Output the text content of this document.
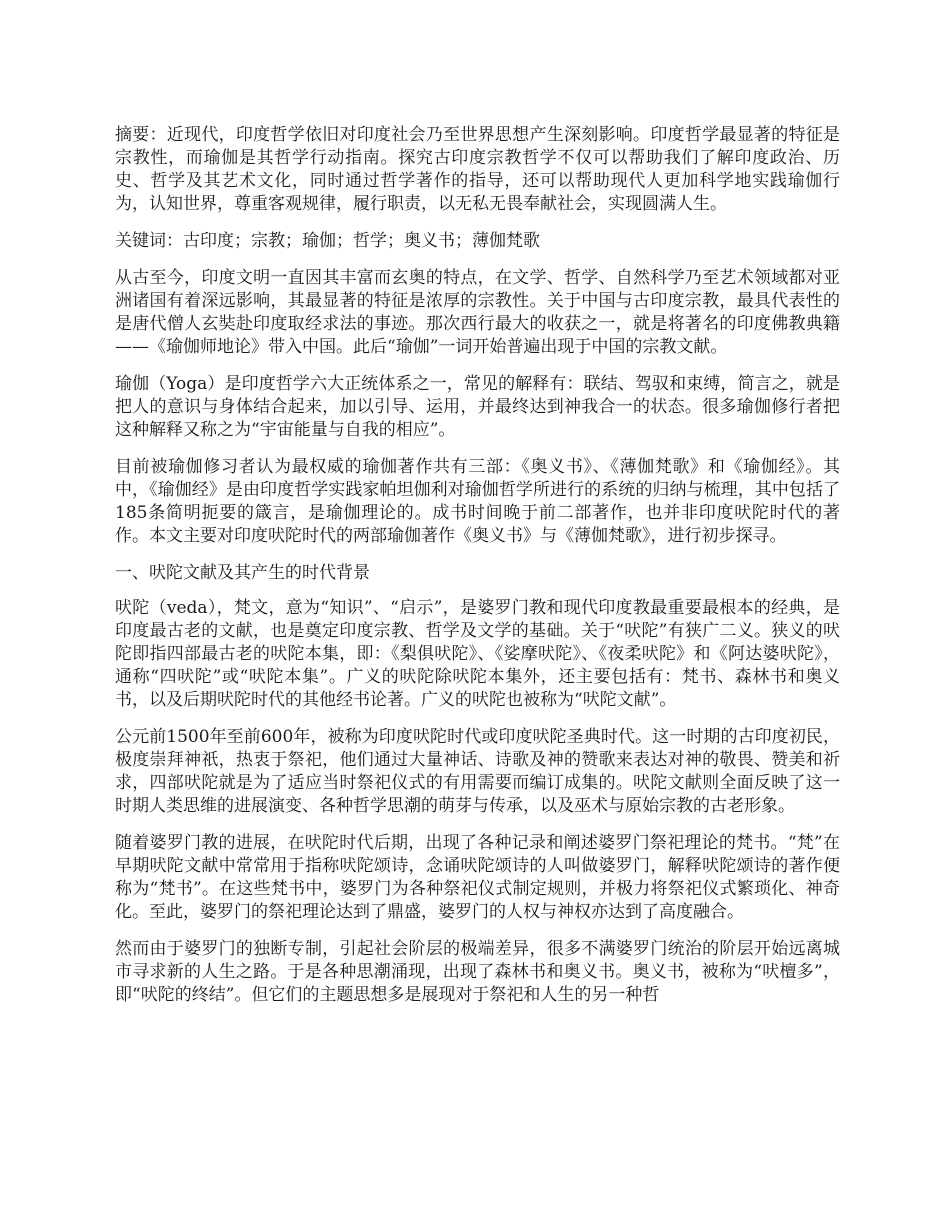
摘要：近现代，印度哲学依旧对印度社会乃至世界思想产生深刻影响。印度哲学最显著的特征是宗教性，而瑜伽是其哲学行动指南。探究古印度宗教哲学不仅可以帮助我们了解印度政治、历史、哲学及其艺术文化，同时通过哲学著作的指导，还可以帮助现代人更加科学地实践瑜伽行为，认知世界，尊重客观规律，履行职责，以无私无畏奉献社会，实现圆满人生。

关键词：古印度；宗教；瑜伽；哲学；奥义书；薄伽梵歌

从古至今，印度文明一直因其丰富而玄奥的特点，在文学、哲学、自然科学乃至艺术领域都对亚洲诸国有着深远影响，其最显著的特征是浓厚的宗教性。关于中国与古印度宗教，最具代表性的是唐代僧人玄奘赴印度取经求法的事迹。那次西行最大的收获之一，就是将著名的印度佛教典籍——《瑜伽师地论》带入中国。此后“瑜伽”一词开始普遍出现于中国的宗教文献。

瑜伽（Yoga）是印度哲学六大正统体系之一，常见的解释有：联结、驾驭和束缚，简言之，就是把人的意识与身体结合起来，加以引导、运用，并最终达到神我合一的状态。很多瑜伽修行者把这种解释又称之为“宇宙能量与自我的相应”。

目前被瑜伽修习者认为最权威的瑜伽著作共有三部：《奥义书》、《薄伽梵歌》和《瑜伽经》。其中，《瑜伽经》是由印度哲学实践家帕坦伽利对瑜伽哲学所进行的系统的归纳与梳理，其中包括了185条简明扼要的箴言，是瑜伽理论的。成书时间晚于前二部著作，也并非印度吠陀时代的著作。本文主要对印度吠陀时代的两部瑜伽著作《奥义书》与《薄伽梵歌》，进行初步探寻。

一、吠陀文献及其产生的时代背景

吠陀（veda），梵文，意为“知识”、“启示”，是婆罗门教和现代印度教最重要最根本的经典，是印度最古老的文献，也是奠定印度宗教、哲学及文学的基础。关于“吠陀”有狭广二义。狭义的吠陀即指四部最古老的吠陀本集，即：《梨俱吠陀》、《娑摩吠陀》、《夜柔吠陀》和《阿达婆吠陀》，通称“四吠陀”或“吠陀本集”。广义的吠陀除吠陀本集外，还主要包括有：梵书、森林书和奥义书，以及后期吠陀时代的其他经书论著。广义的吠陀也被称为“吠陀文献”。

公元前1500年至前600年，被称为印度吠陀时代或印度吠陀圣典时代。这一时期的古印度初民，极度崇拜神祇，热衷于祭祀，他们通过大量神话、诗歌及神的赞歌来表达对神的敬畏、赞美和祈求，四部吠陀就是为了适应当时祭祀仪式的有用需要而编订成集的。吠陀文献则全面反映了这一时期人类思维的进展演变、各种哲学思潮的萌芽与传承，以及巫术与原始宗教的古老形象。

随着婆罗门教的进展，在吠陀时代后期，出现了各种记录和阐述婆罗门祭祀理论的梵书。“梵”在早期吠陀文献中常常用于指称吠陀颂诗，念诵吠陀颂诗的人叫做婆罗门，解释吠陀颂诗的著作便称为“梵书”。在这些梵书中，婆罗门为各种祭祀仪式制定规则，并极力将祭祀仪式繁琐化、神奇化。至此，婆罗门的祭祀理论达到了鼎盛，婆罗门的人权与神权亦达到了高度融合。

然而由于婆罗门的独断专制，引起社会阶层的极端差异，很多不满婆罗门统治的阶层开始远离城市寻求新的人生之路。于是各种思潮涌现，出现了森林书和奥义书。奥义书，被称为“吠檀多”，即“吠陀的终结”。但它们的主题思想多是展现对于祭祀和人生的另一种哲
